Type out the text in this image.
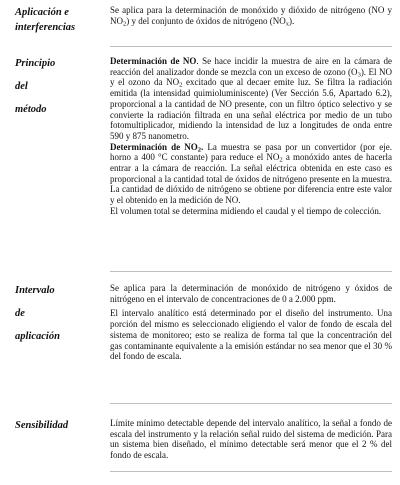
Aplicación e
interferencias

Se aplica para la determinación de monóxido y dióxido de nitrógeno (NO y $NO_2$) y del conjunto de óxidos de nitrógeno $(NO_x)$.

Principio
del
método

Determinación de NO. Se hace incidir la muestra de aire en la cámara de reacción del analizador donde se mezcla con un exceso de ozono $(O_3)$. El NO y el ozono da $NO_2$ excitado que al decaer emite luz. Se filtra la radiación emitida (la intensidad quimioluminiscente) (Ver Sección 5.6, Apartado 6.2), proporcional a la cantidad de NO presente, con un filtro óptico selectivo y se convierte la radiación filtrada en una señal eléctrica por medio de un tubo fotomultiplicador, midiendo la intensidad de luz a longitudes de onda entre 590 y 875 nanometro.

Determinación de $NO_2$. La muestra se pasa por un convertidor (por eje. horno a 400 °C constante) para reduce el $NO_2$ a monóxido antes de hacerla entrar a la cámara de reacción. La señal eléctrica obtenida en este caso es proporcional a la cantidad total de óxidos de nitrógeno presente en la muestra. La cantidad de dióxido de nitrógeno se obtiene por diferencia entre este valor y el obtenido en la medición de NO.

El volumen total se determina midiendo el caudal y el tiempo de colección.

Intervalo
de
aplicación

Se aplica para la determinación de monóxido de nitrógeno y óxidos de nitrógeno en el intervalo de concentraciones de 0 a 2.000 ppm.

El intervalo analítico está determinado por el diseño del instrumento. Una porción del mismo es seleccionado eligiendo el valor de fondo de escala del sistema de monitoreo; esto se realiza de forma tal que la concentración del gas contaminante equivalente a la emisión estándar no sea menor que el 30 % del fondo de escala.

Sensibilidad	Límite mínimo detectable depende del intervalo analítico, la señal a fondo de escala del instrumento y la relación señal ruido del sistema de medición. Para un sistema bien diseñado, el mínimo detectable será menor que el 2 % del fondo de escala.
